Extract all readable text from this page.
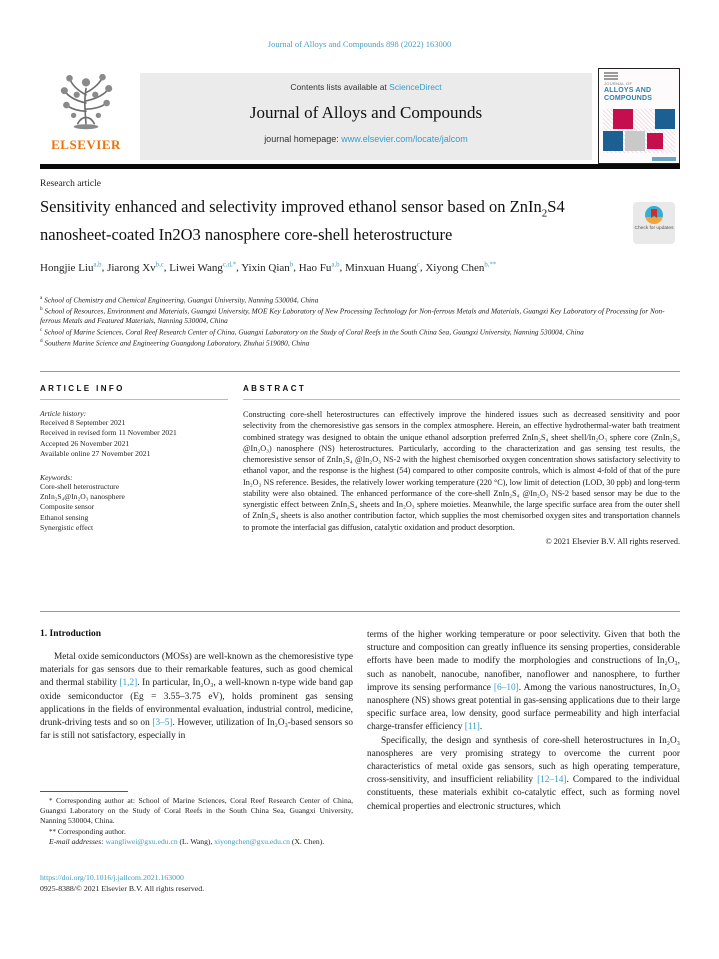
Journal of Alloys and Compounds 898 (2022) 163000
ELSEVIER
Contents lists available at ScienceDirect
Journal of Alloys and Compounds
journal homepage: www.elsevier.com/locate/jalcom
JOURNAL OF
ALLOYS AND
COMPOUNDS
Research article
Sensitivity enhanced and selectivity improved ethanol sensor based on ZnIn$_2$S4 nanosheet-coated In2O3 nanosphere core-shell heterostructure	Check for updates
Hongjie Liu$^{a,b}$, Jiarong Xv$^{b,c}$, Liwei Wang$^{c,d,*}$, Yixin Qian$^b$, Hao Fu$^{a,b}$, Minxuan Huang$^c$, Xiyong Chen$^{b,**}$
$^a$ School of Chemistry and Chemical Engineering, Guangxi University, Nanning 530004, China
$^b$ School of Resources, Environment and Materials, Guangxi University, MOE Key Laboratory of New Processing Technology for Non-ferrous Metals and Materials, Guangxi Key Laboratory of Processing for Non-ferrous Metals and Featured Materials, Nanning 530004, China
$^c$ School of Marine Sciences, Coral Reef Research Center of China, Guangxi Laboratory on the Study of Coral Reefs in the South China Sea, Guangxi University, Nanning 530004, China
$^d$ Southern Marine Science and Engineering Guangdong Laboratory, Zhuhai 519080, China
ARTICLE INFO
Article history:
Received 8 September 2021
Received in revised form 11 November 2021
Accepted 26 November 2021
Available online 27 November 2021
Keywords:
Core-shell heterostructure
ZnIn₂S₄@In₂O₃ nanosphere
Composite sensor
Ethanol sensing
Synergistic effect
ABSTRACT
Constructing core-shell heterostructures can effectively improve the hindered issues such as decreased sensitivity and poor selectivity from the chemoresistive gas sensors in the complex atmosphere. Herein, an effective hydrothermal-water bath treatment combined strategy was designed to obtain the unique ethanol adsorption preferred ZnIn₂S₄ sheet shell/In₂O₃ sphere core (ZnIn₂S₄ @In₂O₃) nanosphere (NS) heterostructures. Particularly, according to the characterization and gas sensing test results, the chemoresistive sensor of ZnIn₂S₄ @In₂O₃ NS-2 with the highest chemisorbed oxygen concentration shows satisfactory selectivity to ethanol vapor, and the response is the highest (54) compared to other composite controls, which is almost 4-fold of that of the pure In₂O₃ NS reference. Besides, the relatively lower working temperature (220 °C), low limit of detection (LOD, 30 ppb) and long-term stability were also obtained. The enhanced performance of the core-shell ZnIn₂S₄ @In₂O₃ NS-2 based sensor may be due to the synergistic effect between ZnIn₂S₄ sheets and In₂O₃ sphere moieties. Meanwhile, the large specific surface area from the outer shell of ZnIn₂S₄ sheets is also another contribution factor, which supplies the most chemisorbed oxygen sites and transportation channels to promote the interfacial gas diffusion, catalytic oxidation and product desorption.
© 2021 Elsevier B.V. All rights reserved.
1. Introduction

Metal oxide semiconductors (MOSs) are well-known as the chemoresistive type materials for gas sensors due to their remarkable features, such as good chemical and thermal stability [1,2]. In particular, In₂O₃, a well-known n-type wide band gap oxide semiconductor (Eg = 3.55–3.75 eV), holds prominent gas sensing applications in the fields of environmental evaluation, industrial control, medicine, drunk-driving tests and so on [3–5]. However, utilization of In₂O₃-based sensors so far is still not satisfactory, especially in

terms of the higher working temperature or poor selectivity. Given that both the structure and composition can greatly influence its sensing properties, considerable efforts have been made to modify the morphologies and constructions of In₂O₃, such as nanobelt, nanocube, nanofiber, nanoflower and nanosphere, to further improve its sensing performance [6–10]. Among the various nanostructures, In₂O₃ nanosphere (NS) shows great potential in gas-sensing applications due to their large specific surface area, low density, good surface permeability and high interfacial charge-transfer efficiency [11].

Specifically, the design and synthesis of core-shell heterostructures in In₂O₃ nanospheres are very promising strategy to overcome the current poor characteristics of metal oxide gas sensors, such as high operating temperature, cross-sensitivity, and insufficient reliability [12–14]. Compared to the individual constituents, these materials exhibit co-catalytic effect, such as forming novel chemical properties and electronic structures, which

* Corresponding author at: School of Marine Sciences, Coral Reef Research Center of China, Guangxi Laboratory on the Study of Coral Reefs in the South China Sea, Guangxi University, Nanning 530004, China.
** Corresponding author.
E-mail addresses: wangliwei@gxu.edu.cn (L. Wang), xiyongchen@gxu.edu.cn (X. Chen).
https://doi.org/10.1016/j.jallcom.2021.163000
0925-8388/© 2021 Elsevier B.V. All rights reserved.
